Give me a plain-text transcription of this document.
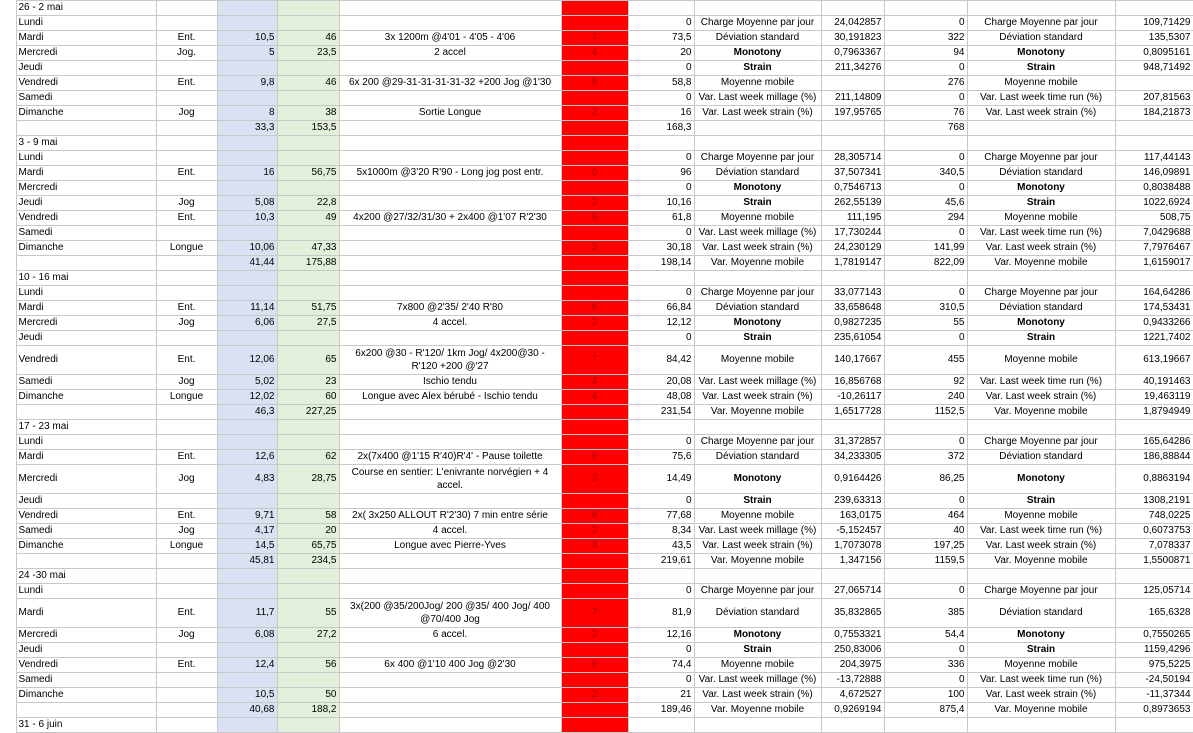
	26 - 2 mai											
	Lundi						0	Charge Moyenne par jour	24,042857	0	Charge Moyenne par jour	109,71429
	Mardi	Ent.	10,5	46	3x 1200m @4'01 - 4'05 - 4'06	7	73,5	Déviation standard	30,191823	322	Déviation standard	135,5307
	Mercredi	Jog.	5	23,5	2 accel	4	20	Monotony	0,7963367	94	Monotony	0,8095161
	Jeudi						0	Strain	211,34276	0	Strain	948,71492
	Vendredi	Ent.	9,8	46	6x 200 @29-31-31-31-31-32 +200 Jog @1'30	6	58,8	Moyenne mobile		276	Moyenne mobile	
	Samedi						0	Var. Last week millage (%)	211,14809	0	Var. Last week time run (%)	207,81563
	Dimanche	Jog	8	38	Sortie Longue	2	16	Var. Last week strain (%)	197,95765	76	Var. Last week strain (%)	184,21873
			33,3	153,5			168,3			768		
	3 - 9 mai											
	Lundi						0	Charge Moyenne par jour	28,305714	0	Charge Moyenne par jour	117,44143
	Mardi	Ent.	16	56,75	5x1000m @3'20 R'90 - Long jog post entr.	6	96	Déviation standard	37,507341	340,5	Déviation standard	146,09891
	Mercredi						0	Monotony	0,7546713	0	Monotony	0,8038488
	Jeudi	Jog	5,08	22,8		2	10,16	Strain	262,55139	45,6	Strain	1022,6924
	Vendredi	Ent.	10,3	49	4x200 @27/32/31/30 + 2x400 @1'07 R'2'30	6	61,8	Moyenne mobile	111,195	294	Moyenne mobile	508,75
	Samedi						0	Var. Last week millage (%)	17,730244	0	Var. Last week time run (%)	7,0429688
	Dimanche	Longue	10,06	47,33		3	30,18	Var. Last week strain (%)	24,230129	141,99	Var. Last week strain (%)	7,7976467
			41,44	175,88			198,14	Var. Moyenne mobile	1,7819147	822,09	Var. Moyenne mobile	1,6159017
	10 - 16 mai											
	Lundi						0	Charge Moyenne par jour	33,077143	0	Charge Moyenne par jour	164,64286
	Mardi	Ent.	11,14	51,75	7x800 @2'35/ 2'40 R'80	6	66,84	Déviation standard	33,658648	310,5	Déviation standard	174,53431
	Mercredi	Jog	6,06	27,5	4 accel.	2	12,12	Monotony	0,9827235	55	Monotony	0,9433266
	Jeudi						0	Strain	235,61054	0	Strain	1221,7402
	Vendredi	Ent.	12,06	65	6x200 @30 - R'120/ 1km Jog/ 4x200@30 - R'120 +200 @'27	7	84,42	Moyenne mobile	140,17667	455	Moyenne mobile	613,19667
	Samedi	Jog	5,02	23	Ischio tendu	4	20,08	Var. Last week millage (%)	16,856768	92	Var. Last week time run (%)	40,191463
	Dimanche	Longue	12,02	60	Longue avec Alex bérubé - Ischio tendu	4	48,08	Var. Last week strain (%)	-10,26117	240	Var. Last week strain (%)	19,463119
			46,3	227,25			231,54	Var. Moyenne mobile	1,6517728	1152,5	Var. Moyenne mobile	1,8794949
	17 - 23 mai											
	Lundi						0	Charge Moyenne par jour	31,372857	0	Charge Moyenne par jour	165,64286
	Mardi	Ent.	12,6	62	2x(7x400 @1'15 R'40)R'4' - Pause toilette	6	75,6	Déviation standard	34,233305	372	Déviation standard	186,88844
	Mercredi	Jog	4,83	28,75	Course en sentier: L'enivrante norvégien + 4 accel.	3	14,49	Monotony	0,9164426	86,25	Monotony	0,8863194
	Jeudi						0	Strain	239,63313	0	Strain	1308,2191
	Vendredi	Ent.	9,71	58	2x( 3x250 ALLOUT R'2'30) 7 min entre série	8	77,68	Moyenne mobile	163,0175	464	Moyenne mobile	748,0225
	Samedi	Jog	4,17	20	4 accel.	2	8,34	Var. Last week millage (%)	-5,152457	40	Var. Last week time run (%)	0,6073753
	Dimanche	Longue	14,5	65,75	Longue avec Pierre-Yves	3	43,5	Var. Last week strain (%)	1,7073078	197,25	Var. Last week strain (%)	7,078337
			45,81	234,5			219,61	Var. Moyenne mobile	1,347156	1159,5	Var. Moyenne mobile	1,5500871
	24 -30 mai											
	Lundi						0	Charge Moyenne par jour	27,065714	0	Charge Moyenne par jour	125,05714
	Mardi	Ent.	11,7	55	3x(200 @35/200Jog/ 200 @35/ 400 Jog/ 400 @70/400 Jog	7	81,9	Déviation standard	35,832865	385	Déviation standard	165,6328
	Mercredi	Jog	6,08	27,2	6 accel.	2	12,16	Monotony	0,7553321	54,4	Monotony	0,7550265
	Jeudi						0	Strain	250,83006	0	Strain	1159,4296
	Vendredi	Ent.	12,4	56	6x 400 @1'10 400 Jog @2'30	6	74,4	Moyenne mobile	204,3975	336	Moyenne mobile	975,5225
	Samedi						0	Var. Last week millage (%)	-13,72888	0	Var. Last week time run (%)	-24,50194
	Dimanche		10,5	50		2	21	Var. Last week strain (%)	4,672527	100	Var. Last week strain (%)	-11,37344
			40,68	188,2			189,46	Var. Moyenne mobile	0,9269194	875,4	Var. Moyenne mobile	0,8973653
	31 - 6 juin											
